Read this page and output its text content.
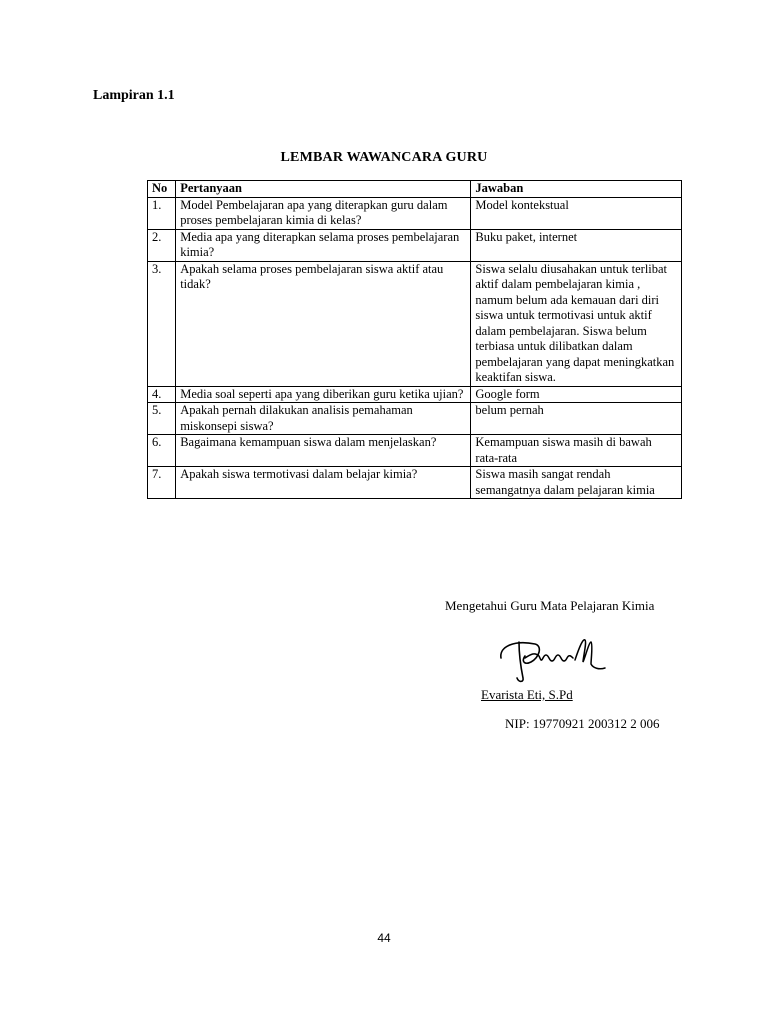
Lampiran 1.1
LEMBAR WAWANCARA GURU
No	Pertanyaan	Jawaban
1.	Model Pembelajaran apa yang diterapkan guru dalam proses pembelajaran kimia di kelas?	Model kontekstual
2.	Media apa yang diterapkan selama proses pembelajaran kimia?	Buku paket, internet
3.	Apakah selama proses pembelajaran siswa aktif atau tidak?	Siswa selalu diusahakan untuk terlibat aktif dalam pembelajaran kimia , namum belum ada kemauan dari diri siswa untuk termotivasi untuk aktif dalam pembelajaran. Siswa belum terbiasa untuk dilibatkan dalam pembelajaran yang dapat meningkatkan keaktifan siswa.
4.	Media soal seperti apa yang diberikan guru ketika ujian?	Google form
5.	Apakah pernah dilakukan analisis pemahaman miskonsepi siswa?	belum pernah
6.	Bagaimana kemampuan siswa dalam menjelaskan?	Kemampuan siswa masih di bawah rata-rata
7.	Apakah siswa termotivasi dalam belajar kimia?	Siswa masih sangat rendah semangatnya dalam pelajaran kimia
Mengetahui Guru Mata Pelajaran Kimia
Evarista Eti, S.Pd
NIP: 19770921 200312 2 006
44
